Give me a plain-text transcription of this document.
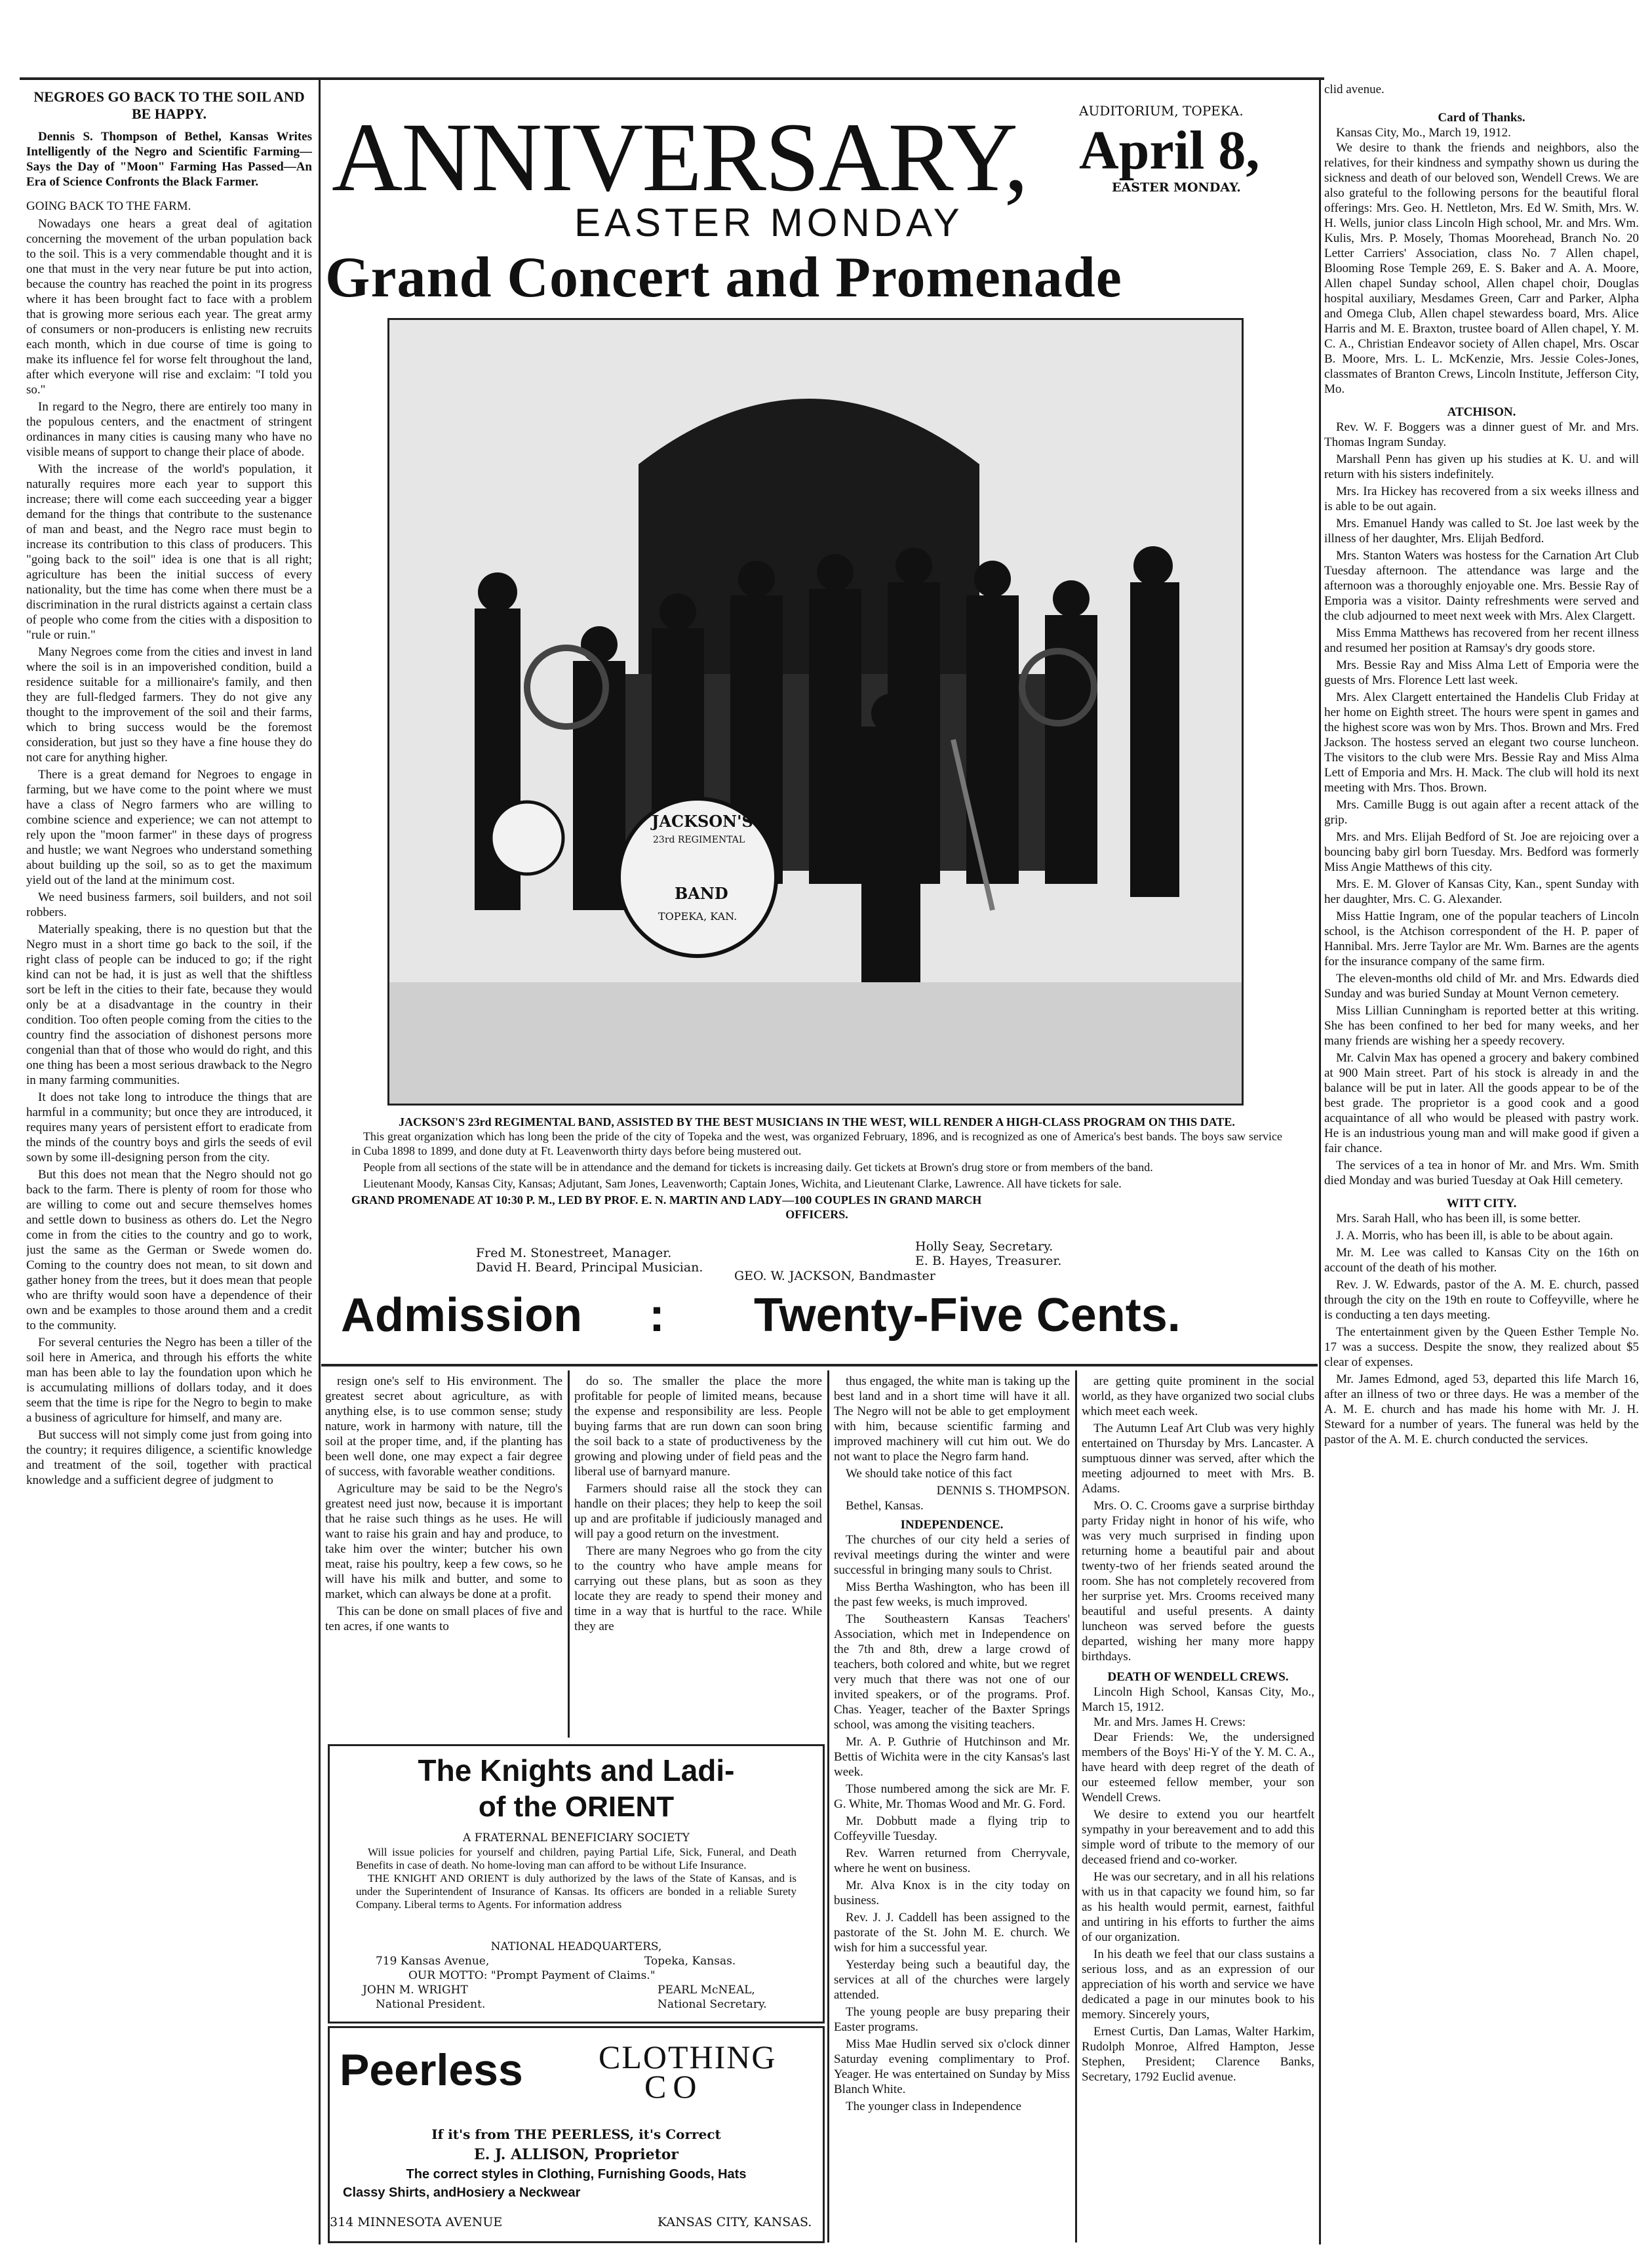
NEGROES GO BACK TO THE SOIL AND BE HAPPY.
Dennis S. Thompson of Bethel, Kansas Writes Intelligently of the Negro and Scientific Farming—Says the Day of "Moon" Farming Has Passed—An Era of Science Confronts the Black Farmer.
GOING BACK TO THE FARM.

Nowadays one hears a great deal of agitation concerning the movement of the urban population back to the soil. This is a very commendable thought and it is one that must in the very near future be put into action, because the country has reached the point in its progress where it has been brought fact to face with a problem that is growing more serious each year. The great army of consumers or non-producers is enlisting new recruits each month, which in due course of time is going to make its influence fel for worse felt throughout the land, after which everyone will rise and exclaim: "I told you so."

In regard to the Negro, there are entirely too many in the populous centers, and the enactment of stringent ordinances in many cities is causing many who have no visible means of support to change their place of abode.

With the increase of the world's population, it naturally requires more each year to support this increase; there will come each succeeding year a bigger demand for the things that contribute to the sustenance of man and beast, and the Negro race must begin to increase its contribution to this class of producers. This "going back to the soil" idea is one that is all right; agriculture has been the initial success of every nationality, but the time has come when there must be a discrimination in the rural districts against a certain class of people who come from the cities with a disposition to "rule or ruin."

Many Negroes come from the cities and invest in land where the soil is in an impoverished condition, build a residence suitable for a millionaire's family, and then they are full-fledged farmers. They do not give any thought to the improvement of the soil and their farms, which to bring success would be the foremost consideration, but just so they have a fine house they do not care for anything higher.

There is a great demand for Negroes to engage in farming, but we have come to the point where we must have a class of Negro farmers who are willing to combine science and experience; we can not attempt to rely upon the "moon farmer" in these days of progress and hustle; we want Negroes who understand something about building up the soil, so as to get the maximum yield out of the land at the minimum cost.

We need business farmers, soil builders, and not soil robbers.

Materially speaking, there is no question but that the Negro must in a short time go back to the soil, if the right class of people can be induced to go; if the right kind can not be had, it is just as well that the shiftless sort be left in the cities to their fate, because they would only be at a disadvantage in the country in their condition. Too often people coming from the cities to the country find the association of dishonest persons more congenial than that of those who would do right, and this one thing has been a most serious drawback to the Negro in many farming communities.

It does not take long to introduce the things that are harmful in a community; but once they are introduced, it requires many years of persistent effort to eradicate from the minds of the country boys and girls the seeds of evil sown by some ill-designing person from the city.

But this does not mean that the Negro should not go back to the farm. There is plenty of room for those who are willing to come out and secure themselves homes and settle down to business as others do. Let the Negro come in from the cities to the country and go to work, just the same as the German or Swede women do. Coming to the country does not mean, to sit down and gather honey from the trees, but it does mean that people who are thrifty would soon have a dependence of their own and be examples to those around them and a credit to the community.

For several centuries the Negro has been a tiller of the soil here in America, and through his efforts the white man has been able to lay the foundation upon which he is accumulating millions of dollars today, and it does seem that the time is ripe for the Negro to begin to make a business of agriculture for himself, and many are.

But success will not simply come just from going into the country; it requires diligence, a scientific knowledge and treatment of the soil, together with practical knowledge and a sufficient degree of judgment to

ANNIVERSARY,	AUDITORIUM, TOPEKA.
April 8,
EASTER MONDAY.
EASTER MONDAY
Grand Concert and Promenade
JACKSON'S
23rd REGIMENTAL
BAND
TOPEKA, KAN.
JACKSON'S 23rd REGIMENTAL BAND, ASSISTED BY THE BEST MUSICIANS IN THE WEST, WILL RENDER A HIGH-CLASS PROGRAM ON THIS DATE.

This great organization which has long been the pride of the city of Topeka and the west, was organized February, 1896, and is recognized as one of America's best bands. The boys saw service in Cuba 1898 to 1899, and done duty at Ft. Leavenworth thirty days before being mustered out.

People from all sections of the state will be in attendance and the demand for tickets is increasing daily. Get tickets at Brown's drug store or from members of the band.

Lieutenant Moody, Kansas City, Kansas; Adjutant, Sam Jones, Leavenworth; Captain Jones, Wichita, and Lieutenant Clarke, Lawrence. All have tickets for sale.

GRAND PROMENADE AT 10:30 P. M., LED BY PROF. E. N. MARTIN AND LADY—100 COUPLES IN GRAND MARCH
OFFICERS.
Fred M. Stonestreet, Manager.
David H. Beard, Principal Musician.
Holly Seay, Secretary.
E. B. Hayes, Treasurer.
GEO. W. JACKSON, Bandmaster
Admission : Twenty-Five Cents.
clid avenue.
Card of Thanks.
Kansas City, Mo., March 19, 1912.

We desire to thank the friends and neighbors, also the relatives, for their kindness and sympathy shown us during the sickness and death of our beloved son, Wendell Crews. We are also grateful to the following persons for the beautiful floral offerings: Mrs. Geo. H. Nettleton, Mrs. Ed W. Smith, Mrs. W. H. Wells, junior class Lincoln High school, Mr. and Mrs. Wm. Kulis, Mrs. P. Mosely, Thomas Moorehead, Branch No. 20 Letter Carriers' Association, class No. 7 Allen chapel, Blooming Rose Temple 269, E. S. Baker and A. A. Moore, Allen chapel Sunday school, Allen chapel choir, Douglas hospital auxiliary, Mesdames Green, Carr and Parker, Alpha and Omega Club, Allen chapel stewardess board, Mrs. Alice Harris and M. E. Braxton, trustee board of Allen chapel, Y. M. C. A., Christian Endeavor society of Allen chapel, Mrs. Oscar B. Moore, Mrs. L. L. McKenzie, Mrs. Jessie Coles-Jones, classmates of Branton Crews, Lincoln Institute, Jefferson City, Mo.

ATCHISON.

Rev. W. F. Boggers was a dinner guest of Mr. and Mrs. Thomas Ingram Sunday.

Marshall Penn has given up his studies at K. U. and will return with his sisters indefinitely.

Mrs. Ira Hickey has recovered from a six weeks illness and is able to be out again.

Mrs. Emanuel Handy was called to St. Joe last week by the illness of her daughter, Mrs. Elijah Bedford.

Mrs. Stanton Waters was hostess for the Carnation Art Club Tuesday afternoon. The attendance was large and the afternoon was a thoroughly enjoyable one. Mrs. Bessie Ray of Emporia was a visitor. Dainty refreshments were served and the club adjourned to meet next week with Mrs. Alex Clargett.

Miss Emma Matthews has recovered from her recent illness and resumed her position at Ramsay's dry goods store.

Mrs. Bessie Ray and Miss Alma Lett of Emporia were the guests of Mrs. Florence Lett last week.

Mrs. Alex Clargett entertained the Handelis Club Friday at her home on Eighth street. The hours were spent in games and the highest score was won by Mrs. Thos. Brown and Mrs. Fred Jackson. The hostess served an elegant two course luncheon. The visitors to the club were Mrs. Bessie Ray and Miss Alma Lett of Emporia and Mrs. H. Mack. The club will hold its next meeting with Mrs. Thos. Brown.

Mrs. Camille Bugg is out again after a recent attack of the grip.

Mrs. and Mrs. Elijah Bedford of St. Joe are rejoicing over a bouncing baby girl born Tuesday. Mrs. Bedford was formerly Miss Angie Matthews of this city.

Mrs. E. M. Glover of Kansas City, Kan., spent Sunday with her daughter, Mrs. C. G. Alexander.

Miss Hattie Ingram, one of the popular teachers of Lincoln school, is the Atchison correspondent of the H. P. paper of Hannibal. Mrs. Jerre Taylor are Mr. Wm. Barnes are the agents for the insurance company of the same firm.

The eleven-months old child of Mr. and Mrs. Edwards died Sunday and was buried Sunday at Mount Vernon cemetery.

Miss Lillian Cunningham is reported better at this writing. She has been confined to her bed for many weeks, and her many friends are wishing her a speedy recovery.

Mr. Calvin Max has opened a grocery and bakery combined at 900 Main street. Part of his stock is already in and the balance will be put in later. All the goods appear to be of the best grade. The proprietor is a good cook and a good acquaintance of all who would be pleased with pastry work. He is an industrious young man and will make good if given a fair chance.

The services of a tea in honor of Mr. and Mrs. Wm. Smith died Monday and was buried Tuesday at Oak Hill cemetery.

WITT CITY.

Mrs. Sarah Hall, who has been ill, is some better.

J. A. Morris, who has been ill, is able to be about again.

Mr. M. Lee was called to Kansas City on the 16th on account of the death of his mother.

Rev. J. W. Edwards, pastor of the A. M. E. church, passed through the city on the 19th en route to Coffeyville, where he is conducting a ten days meeting.

The entertainment given by the Queen Esther Temple No. 17 was a success. Despite the snow, they realized about $5 clear of expenses.

Mr. James Edmond, aged 53, departed this life March 16, after an illness of two or three days. He was a member of the A. M. E. church and has made his home with Mr. J. H. Steward for a number of years. The funeral was held by the pastor of the A. M. E. church conducted the services.

resign one's self to His environment. The greatest secret about agriculture, as with anything else, is to use common sense; study nature, work in harmony with nature, till the soil at the proper time, and, if the planting has been well done, one may expect a fair degree of success, with favorable weather conditions.

Agriculture may be said to be the Negro's greatest need just now, because it is important that he raise such things as he uses. He will want to raise his grain and hay and produce, to take him over the winter; butcher his own meat, raise his poultry, keep a few cows, so he will have his milk and butter, and some to market, which can always be done at a profit.

This can be done on small places of five and ten acres, if one wants to

do so. The smaller the place the more profitable for people of limited means, because the expense and responsibility are less. People buying farms that are run down can soon bring the soil back to a state of productiveness by the growing and plowing under of field peas and the liberal use of barnyard manure.

Farmers should raise all the stock they can handle on their places; they help to keep the soil up and are profitable if judiciously managed and will pay a good return on the investment.

There are many Negroes who go from the city to the country who have ample means for carrying out these plans, but as soon as they locate they are ready to spend their money and time in a way that is hurtful to the race. While they are

thus engaged, the white man is taking up the best land and in a short time will have it all. The Negro will not be able to get employment with him, because scientific farming and improved machinery will cut him out. We do not want to place the Negro farm hand.

We should take notice of this fact

DENNIS S. THOMPSON.
Bethel, Kansas.
INDEPENDENCE.

The churches of our city held a series of revival meetings during the winter and were successful in bringing many souls to Christ.

Miss Bertha Washington, who has been ill the past few weeks, is much improved.

The Southeastern Kansas Teachers' Association, which met in Independence on the 7th and 8th, drew a large crowd of teachers, both colored and white, but we regret very much that there was not one of our invited speakers, or of the programs. Prof. Chas. Yeager, teacher of the Baxter Springs school, was among the visiting teachers.

Mr. A. P. Guthrie of Hutchinson and Mr. Bettis of Wichita were in the city Kansas's last week.

Those numbered among the sick are Mr. F. G. White, Mr. Thomas Wood and Mr. G. Ford.

Mr. Dobbutt made a flying trip to Coffeyville Tuesday.

Rev. Warren returned from Cherryvale, where he went on business.

Mr. Alva Knox is in the city today on business.

Rev. J. J. Caddell has been assigned to the pastorate of the St. John M. E. church. We wish for him a successful year.

Yesterday being such a beautiful day, the services at all of the churches were largely attended.

The young people are busy preparing their Easter programs.

Miss Mae Hudlin served six o'clock dinner Saturday evening complimentary to Prof. Yeager. He was entertained on Sunday by Miss Blanch White.

The younger class in Independence

are getting quite prominent in the social world, as they have organized two social clubs which meet each week.

The Autumn Leaf Art Club was very highly entertained on Thursday by Mrs. Lancaster. A sumptuous dinner was served, after which the meeting adjourned to meet with Mrs. B. Adams.

Mrs. O. C. Crooms gave a surprise birthday party Friday night in honor of his wife, who was very much surprised in finding upon returning home a beautiful pair and about twenty-two of her friends seated around the room. She has not completely recovered from her surprise yet. Mrs. Crooms received many beautiful and useful presents. A dainty luncheon was served before the guests departed, wishing her many more happy birthdays.

DEATH OF WENDELL CREWS.
Lincoln High School, Kansas City, Mo., March 15, 1912.
Mr. and Mrs. James H. Crews:

Dear Friends: We, the undersigned members of the Boys' Hi-Y of the Y. M. C. A., have heard with deep regret of the death of our esteemed fellow member, your son Wendell Crews.

We desire to extend you our heartfelt sympathy in your bereavement and to add this simple word of tribute to the memory of our deceased friend and co-worker.

He was our secretary, and in all his relations with us in that capacity we found him, so far as his health would permit, earnest, faithful and untiring in his efforts to further the aims of our organization.

In his death we feel that our class sustains a serious loss, and as an expression of our appreciation of his worth and service we have dedicated a page in our minutes book to his memory. Sincerely yours,

Ernest Curtis, Dan Lamas, Walter Harkim, Rudolph Monroe, Alfred Hampton, Jesse Stephen, President; Clarence Banks, Secretary, 1792 Euclid avenue.

The Knights and Ladi-
of the ORIENT
A FRATERNAL BENEFICIARY SOCIETY
Will issue policies for yourself and children, paying Partial Life, Sick, Funeral, and Death Benefits in case of death. No home-loving man can afford to be without Life Insurance.
THE KNIGHT AND ORIENT is duly authorized by the laws of the State of Kansas, and is under the Superintendent of Insurance of Kansas. Its officers are bonded in a reliable Surety Company. Liberal terms to Agents. For information address
NATIONAL HEADQUARTERS,
719 Kansas Avenue,	Topeka, Kansas.
OUR MOTTO: "Prompt Payment of Claims."
JOHN M. WRIGHT
National President.
PEARL McNEAL,
National Secretary.
Peerless CLOTHING
CO
If it's from THE PEERLESS, it's Correct
E. J. ALLISON, Proprietor
The correct styles in Clothing, Furnishing Goods, Hats
Classy Shirts, andHosiery a Neckwear
314 MINNESOTA AVENUE	KANSAS CITY, KANSAS.
